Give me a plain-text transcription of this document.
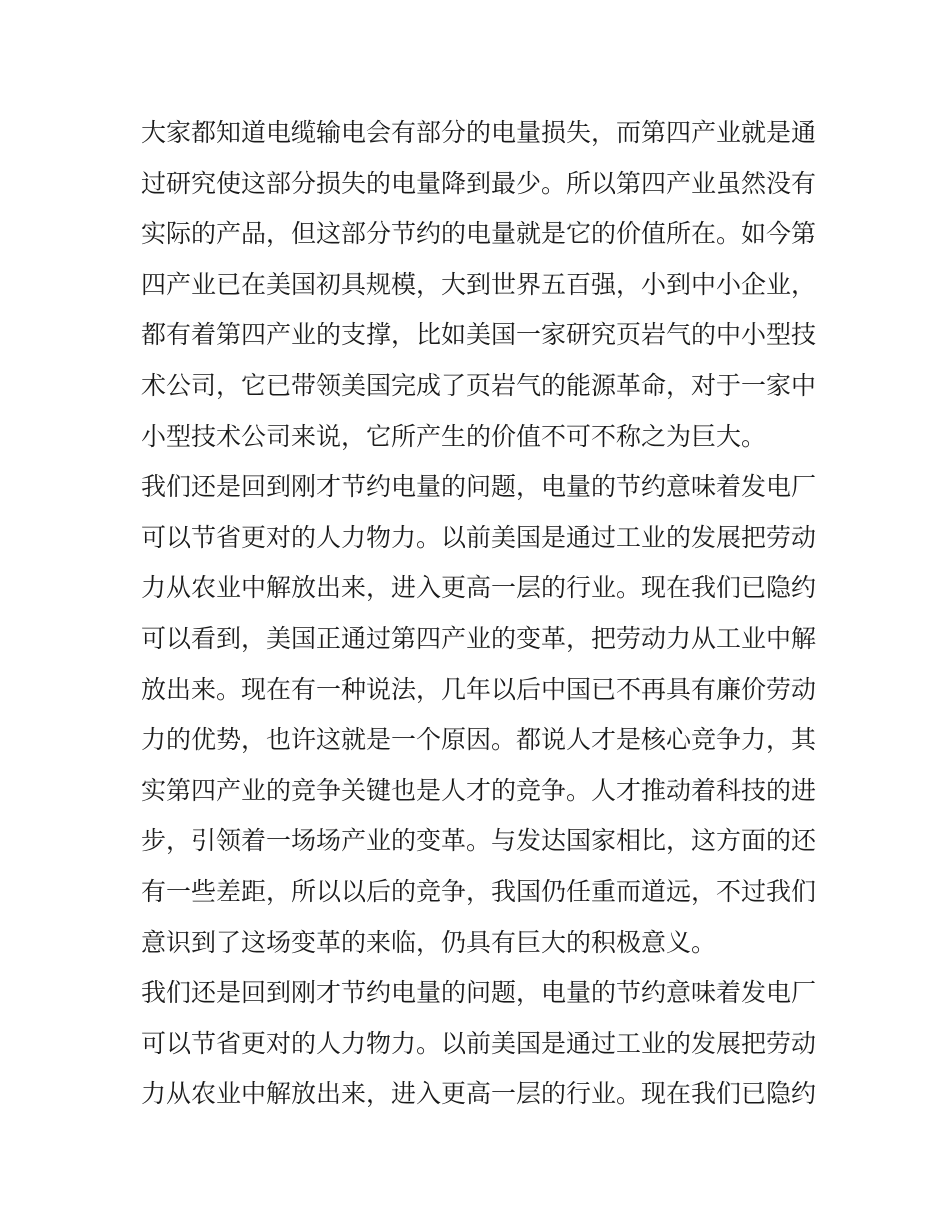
大家都知道电缆输电会有部分的电量损失，而第四产业就是通
过研究使这部分损失的电量降到最少。所以第四产业虽然没有
实际的产品，但这部分节约的电量就是它的价值所在。如今第
四产业已在美国初具规模，大到世界五百强，小到中小企业，
都有着第四产业的支撑，比如美国一家研究页岩气的中小型技
术公司，它已带领美国完成了页岩气的能源革命，对于一家中
小型技术公司来说，它所产生的价值不可不称之为巨大。
我们还是回到刚才节约电量的问题，电量的节约意味着发电厂
可以节省更对的人力物力。以前美国是通过工业的发展把劳动
力从农业中解放出来，进入更高一层的行业。现在我们已隐约
可以看到，美国正通过第四产业的变革，把劳动力从工业中解
放出来。现在有一种说法，几年以后中国已不再具有廉价劳动
力的优势，也许这就是一个原因。都说人才是核心竞争力，其
实第四产业的竞争关键也是人才的竞争。人才推动着科技的进
步，引领着一场场产业的变革。与发达国家相比，这方面的还
有一些差距，所以以后的竞争，我国仍任重而道远，不过我们
意识到了这场变革的来临，仍具有巨大的积极意义。
我们还是回到刚才节约电量的问题，电量的节约意味着发电厂
可以节省更对的人力物力。以前美国是通过工业的发展把劳动
力从农业中解放出来，进入更高一层的行业。现在我们已隐约
